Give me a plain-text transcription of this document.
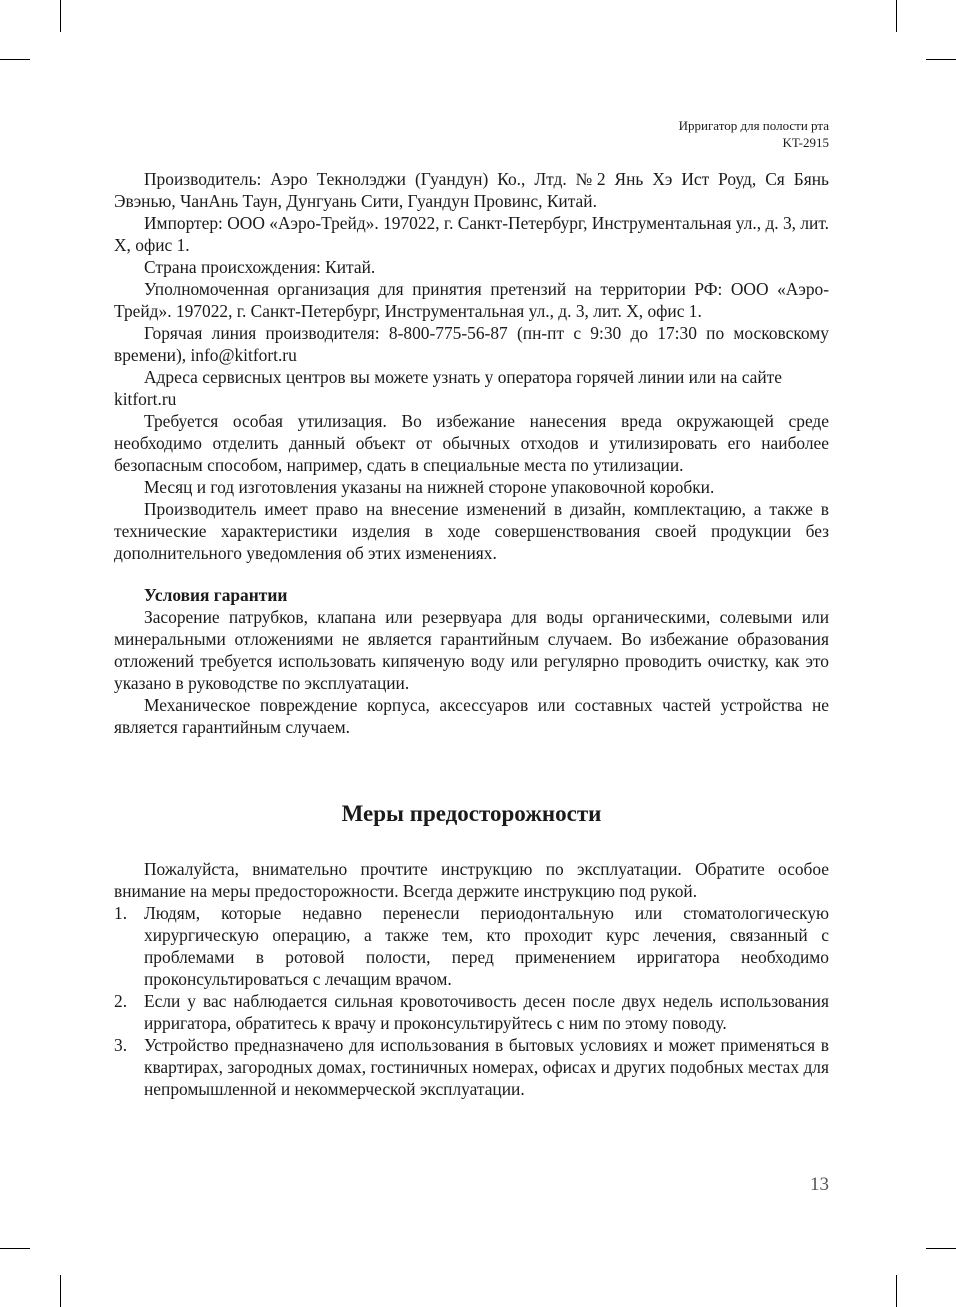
Ирригатор для полости рта
KT-2915

Производитель: Аэро Текнолэджи (Гуандун) Ко., Лтд. №2 Янь Хэ Ист Роуд, Ся Бянь Эвэнью, ЧанАнь Таун, Дунгуань Сити, Гуандун Провинс, Китай.

Импортер: ООО «Аэро-Трейд». 197022, г. Санкт-Петербург, Инструментальная ул., д. 3, лит. Х, офис 1.

Страна происхождения: Китай.

Уполномоченная организация для принятия претензий на территории РФ: ООО «Аэро-Трейд». 197022, г. Санкт-Петербург, Инструментальная ул., д. 3, лит. Х, офис 1.

Горячая линия производителя: 8-800-775-56-87 (пн-пт с 9:30 до 17:30 по московскому времени), info@kitfort.ru

Адреса сервисных центров вы можете узнать у оператора горячей линии или на сайте kitfort.ru

Требуется особая утилизация. Во избежание нанесения вреда окружающей среде необходимо отделить данный объект от обычных отходов и утилизировать его наиболее безопасным способом, например, сдать в специальные места по утилизации.

Месяц и год изготовления указаны на нижней стороне упаковочной коробки.

Производитель имеет право на внесение изменений в дизайн, комплектацию, а также в технические характеристики изделия в ходе совершенствования своей продукции без дополнительного уведомления об этих изменениях.

Условия гарантии

Засорение патрубков, клапана или резервуара для воды органическими, солевыми или минеральными отложениями не является гарантийным случаем. Во избежание образования отложений требуется использовать кипяченую воду или регулярно проводить очистку, как это указано в руководстве по эксплуатации.

Механическое повреждение корпуса, аксессуаров или составных частей устройства не является гарантийным случаем.

Меры предосторожности

Пожалуйста, внимательно прочтите инструкцию по эксплуатации. Обратите особое внимание на меры предосторожности. Всегда держите инструкцию под рукой.

1. Людям, которые недавно перенесли периодонтальную или стоматологическую хирургическую операцию, а также тем, кто проходит курс лечения, связанный с проблемами в ротовой полости, перед применением ирригатора необходимо проконсультироваться с лечащим врачом.
2. Если у вас наблюдается сильная кровоточивость десен после двух недель использования ирригатора, обратитесь к врачу и проконсультируйтесь с ним по этому поводу.
3. Устройство предназначено для использования в бытовых условиях и может применяться в квартирах, загородных домах, гостиничных номерах, офисах и других подобных местах для непромышленной и некоммерческой эксплуатации.
13
